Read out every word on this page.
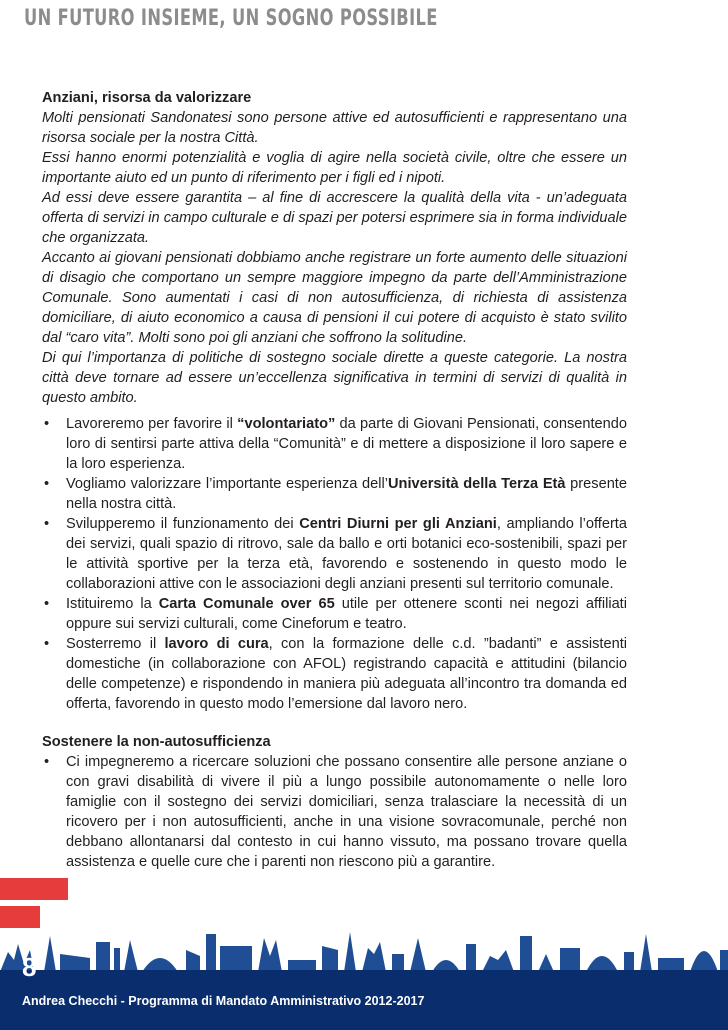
UN FUTURO INSIEME, UN SOGNO POSSIBILE
Anziani, risorsa da valorizzare

Molti pensionati Sandonatesi sono persone attive ed autosufficienti e rappresentano una risorsa sociale per la nostra Città.

Essi hanno enormi potenzialità e voglia di agire nella società civile, oltre che essere un importante aiuto ed un punto di riferimento per i figli ed i nipoti.

Ad essi deve essere garantita – al fine di accrescere la qualità della vita - un’adeguata offerta di servizi in campo culturale e di spazi per potersi esprimere sia in forma individuale che organizzata.

Accanto ai giovani pensionati dobbiamo anche registrare un forte aumento delle situazioni di disagio che comportano un sempre maggiore impegno da parte dell’Amministrazione Comunale. Sono aumentati i casi di non autosufficienza, di richiesta di assistenza domiciliare, di aiuto economico a causa di pensioni il cui potere di acquisto è stato svilito dal “caro vita”. Molti sono poi gli anziani che soffrono la solitudine.

Di qui l’importanza di politiche di sostegno sociale dirette a queste categorie. La nostra città deve tornare ad essere un’eccellenza significativa in termini di servizi di qualità in questo ambito.

• Lavoreremo per favorire il “volontariato” da parte di Giovani Pensionati, consentendo loro di sentirsi parte attiva della “Comunità” e di mettere a disposizione il loro sapere e la loro esperienza.
• Vogliamo valorizzare l’importante esperienza dell’Università della Terza Età presente nella nostra città.
• Svilupperemo il funzionamento dei Centri Diurni per gli Anziani, ampliando l’offerta dei servizi, quali spazio di ritrovo, sale da ballo e orti botanici eco-sostenibili, spazi per le attività sportive per la terza età, favorendo e sostenendo in questo modo le collaborazioni attive con le associazioni degli anziani presenti sul territorio comunale.
• Istituiremo la Carta Comunale over 65 utile per ottenere sconti nei negozi affiliati oppure sui servizi culturali, come Cineforum e teatro.
• Sosterremo il lavoro di cura, con la formazione delle c.d. ”badanti” e assistenti domestiche (in collaborazione con AFOL) registrando capacità e attitudini (bilancio delle competenze) e rispondendo in maniera più adeguata all’incontro tra domanda ed offerta, favorendo in questo modo l’emersione dal lavoro nero.
Sostenere la non-autosufficienza
• Ci impegneremo a ricercare soluzioni che possano consentire alle persone anziane o con gravi disabilità di vivere il più a lungo possibile autonomamente o nelle loro famiglie con il sostegno dei servizi domiciliari, senza tralasciare la necessità di un ricovero per i non autosufficienti, anche in una visione sovracomunale, perché non debbano allontanarsi dal contesto in cui hanno vissuto, ma possano trovare quella assistenza e quelle cure che i parenti non riescono più a garantire.
8
Andrea Checchi - Programma di Mandato Amministrativo 2012-2017
